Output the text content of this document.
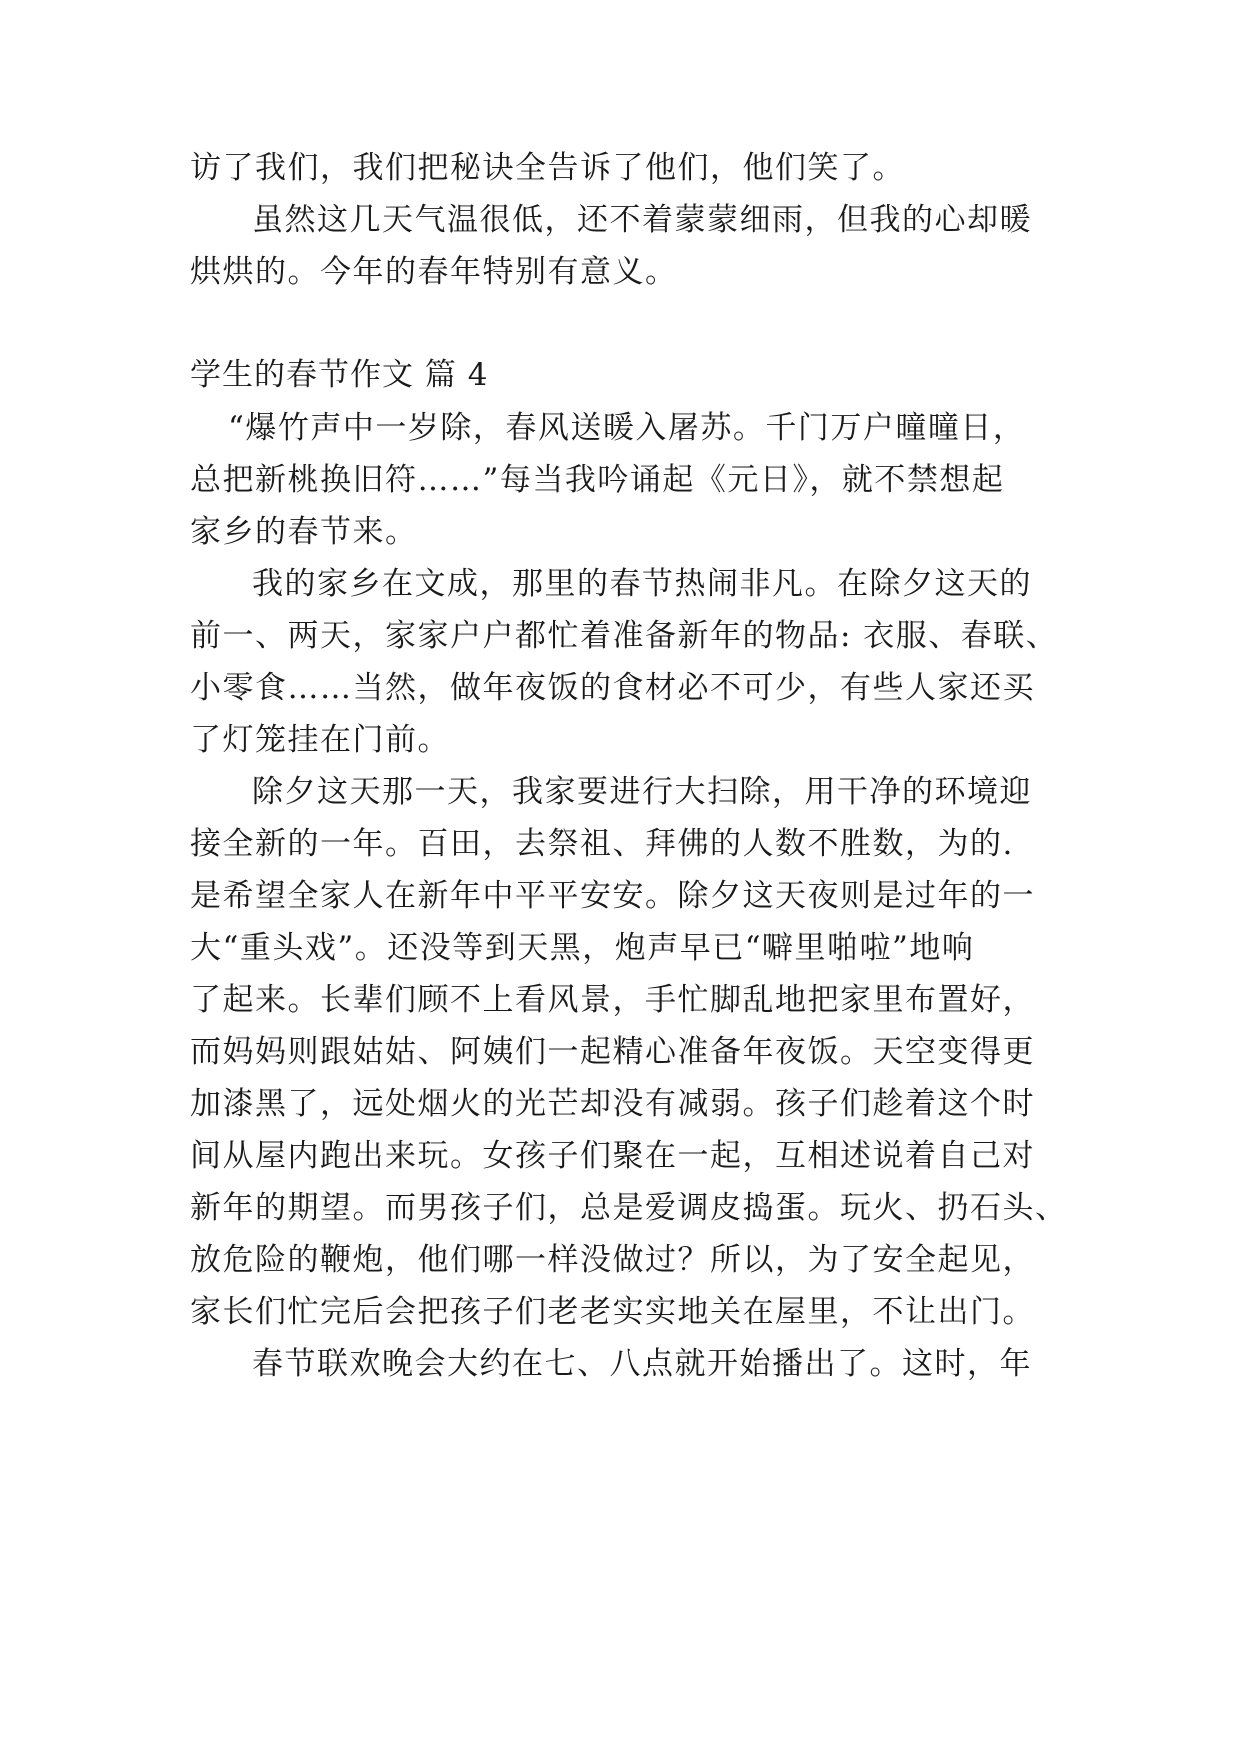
访了我们，我们把秘诀全告诉了他们，他们笑了。
虽然这几天气温很低，还不着蒙蒙细雨，但我的心却暖
烘烘的。今年的春年特别有意义。
学生的春节作文 篇 4
“爆竹声中一岁除，春风送暖入屠苏。千门万户曈曈日，
总把新桃换旧符……”每当我吟诵起《元日》，就不禁想起
家乡的春节来。
我的家乡在文成，那里的春节热闹非凡。在除夕这天的
前一、两天，家家户户都忙着准备新年的物品: 衣服、春联、
小零食……当然，做年夜饭的食材必不可少，有些人家还买
了灯笼挂在门前。
除夕这天那一天，我家要进行大扫除，用干净的环境迎
接全新的一年。百田，去祭祖、拜佛的人数不胜数，为的.
是希望全家人在新年中平平安安。除夕这天夜则是过年的一
大“重头戏”。还没等到天黑，炮声早已“噼里啪啦”地响
了起来。长辈们顾不上看风景，手忙脚乱地把家里布置好，
而妈妈则跟姑姑、阿姨们一起精心准备年夜饭。天空变得更
加漆黑了，远处烟火的光芒却没有减弱。孩子们趁着这个时
间从屋内跑出来玩。女孩子们聚在一起，互相述说着自己对
新年的期望。而男孩子们，总是爱调皮捣蛋。玩火、扔石头、
放危险的鞭炮，他们哪一样没做过？所以，为了安全起见，
家长们忙完后会把孩子们老老实实地关在屋里，不让出门。
春节联欢晚会大约在七、八点就开始播出了。这时，年
